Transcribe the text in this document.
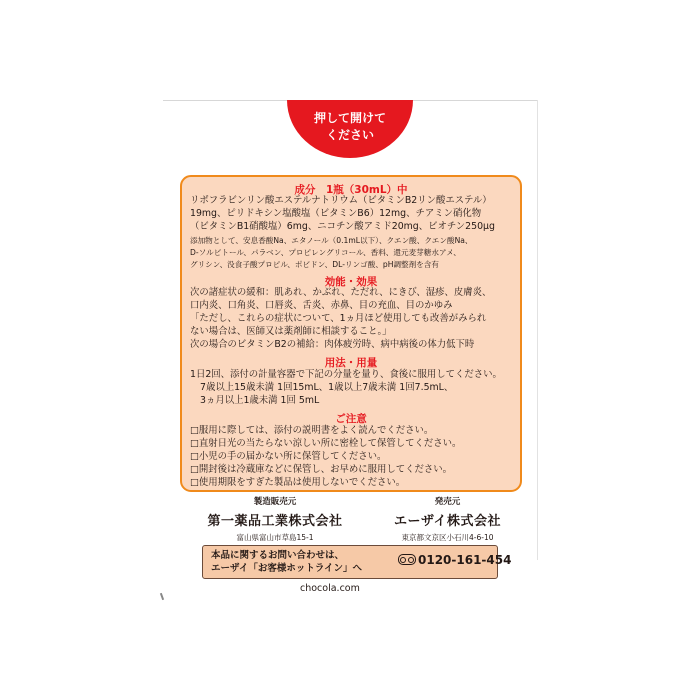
押して開けて
ください
成分　1瓶（30mL）中
リボフラビンリン酸エステルナトリウム（ビタミンB2リン酸エステル）
19mg、ピリドキシン塩酸塩（ビタミンB6）12mg、チアミン硝化物
（ビタミンB1硝酸塩）6mg、ニコチン酸アミド20mg、ビオチン250μg
添加物として、安息香酸Na、エタノール（0.1mL以下）、クエン酸、クエン酸Na、
D-ソルビトール、パラベン、プロピレングリコール、香料、還元麦芽糖水アメ、
グリシン、没食子酸プロピル、ポビドン、DL-リンゴ酸、pH調整剤を含有
効能・効果
次の諸症状の緩和：肌あれ、かぶれ、ただれ、にきび、湿疹、皮膚炎、
口内炎、口角炎、口唇炎、舌炎、赤鼻、目の充血、目のかゆみ
「ただし、これらの症状について、1ヵ月ほど使用しても改善がみられ
ない場合は、医師又は薬剤師に相談すること。」
次の場合のビタミンB2の補給：肉体疲労時、病中病後の体力低下時
用法・用量
1日2回、添付の計量容器で下記の分量を量り、食後に服用してください。
7歳以上15歳未満 1回15mL、1歳以上7歳未満 1回7.5mL、
3ヵ月以上1歳未満 1回 5mL
ご注意
□服用に際しては、添付の説明書をよく読んでください。
□直射日光の当たらない涼しい所に密栓して保管してください。
□小児の手の届かない所に保管してください。
□開封後は冷蔵庫などに保管し、お早めに服用してください。
□使用期限をすぎた製品は使用しないでください。
製造販売元
第一薬品工業株式会社
富山県富山市草島15-1
発売元
エーザイ株式会社
東京都文京区小石川4-6-10
本品に関するお問い合わせは、
エーザイ「お客様ホットライン」へ
0120-161-454
chocola.com
